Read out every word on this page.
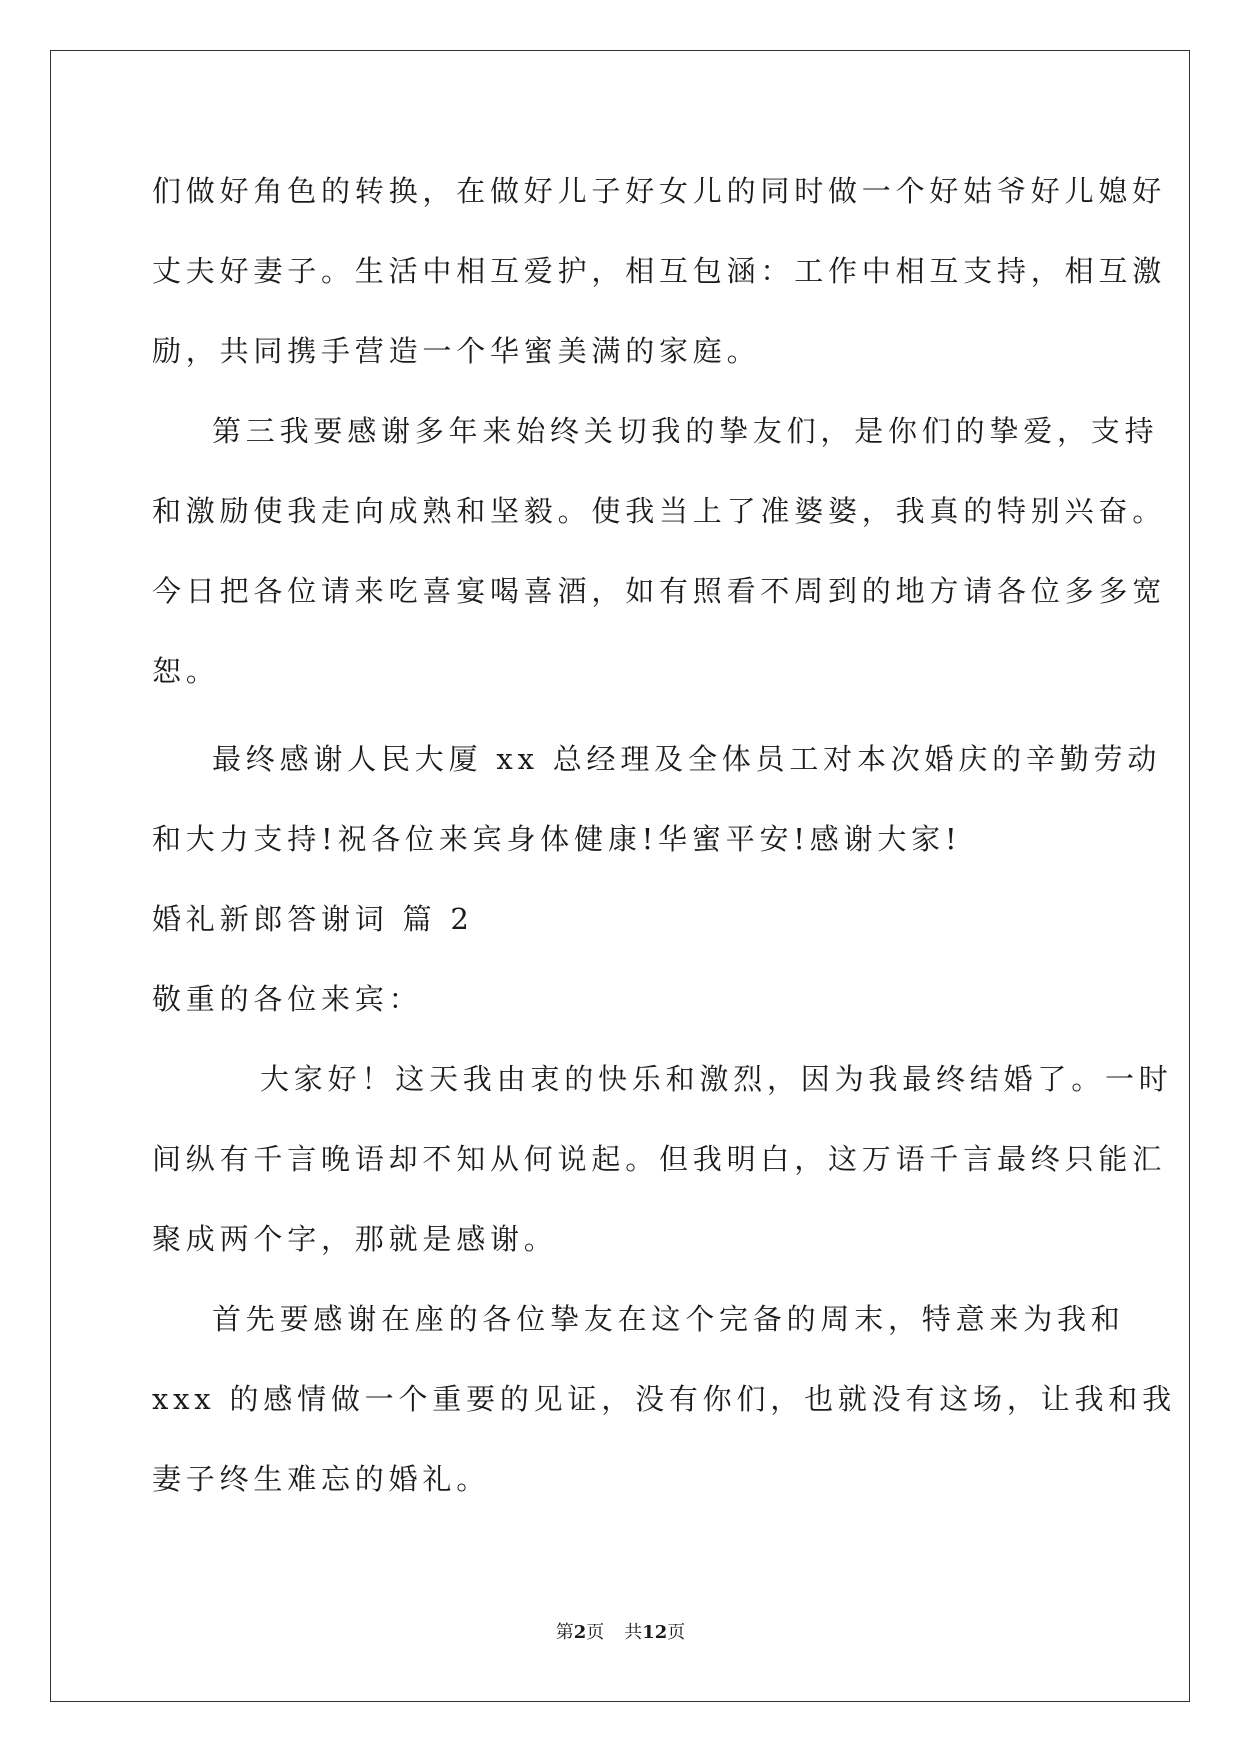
们做好角色的转换，在做好儿子好女儿的同时做一个好姑爷好儿媳好
丈夫好妻子。生活中相互爱护，相互包涵：工作中相互支持，相互激
励，共同携手营造一个华蜜美满的家庭。
第三我要感谢多年来始终关切我的挚友们，是你们的挚爱，支持
和激励使我走向成熟和坚毅。使我当上了准婆婆，我真的特别兴奋。
今日把各位请来吃喜宴喝喜酒，如有照看不周到的地方请各位多多宽
恕。
最终感谢人民大厦 xx 总经理及全体员工对本次婚庆的辛勤劳动
和大力支持!祝各位来宾身体健康!华蜜平安!感谢大家!
婚礼新郎答谢词 篇 2
敬重的各位来宾：
大家好！这天我由衷的快乐和激烈，因为我最终结婚了。一时
间纵有千言晚语却不知从何说起。但我明白，这万语千言最终只能汇
聚成两个字，那就是感谢。
首先要感谢在座的各位挚友在这个完备的周末，特意来为我和
xxx 的感情做一个重要的见证，没有你们，也就没有这场，让我和我
妻子终生难忘的婚礼。
第2页 共12页
